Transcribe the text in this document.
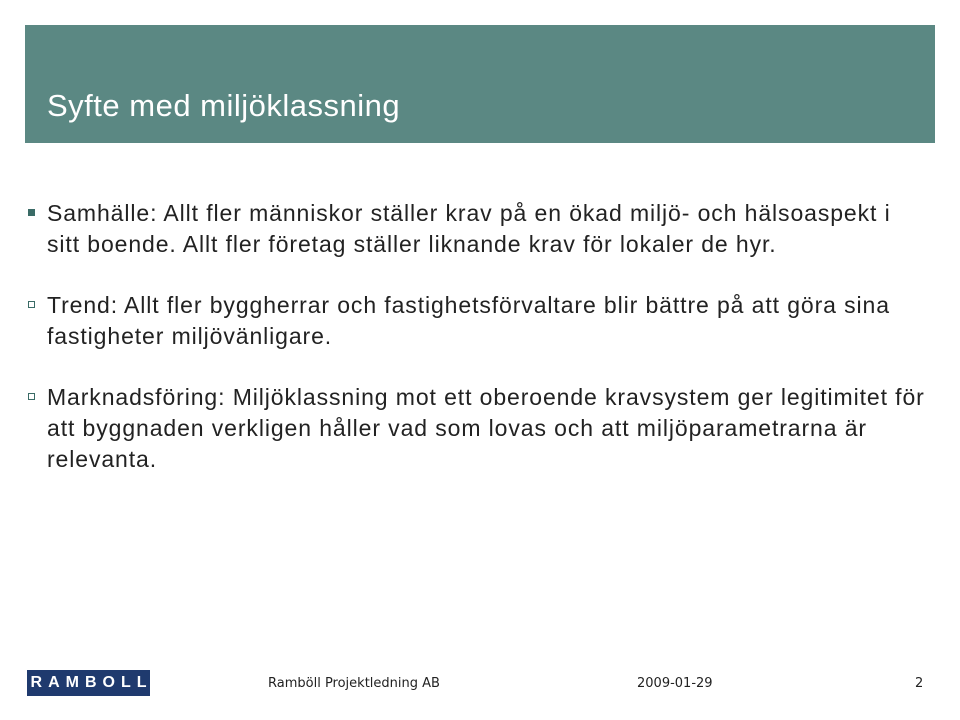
Syfte med miljöklassning
Samhälle: Allt fler människor ställer krav på en ökad miljö- och hälsoaspekt i sitt boende. Allt fler företag ställer liknande krav för lokaler de hyr.
Trend: Allt fler byggherrar och fastighetsförvaltare blir bättre på att göra sina fastigheter miljövänligare.
Marknadsföring: Miljöklassning mot ett oberoende kravsystem ger legitimitet för att byggnaden verkligen håller vad som lovas och att miljöparametrarna är relevanta.
RAMBOLL	Ramböll Projektledning AB	2009-01-29	2
